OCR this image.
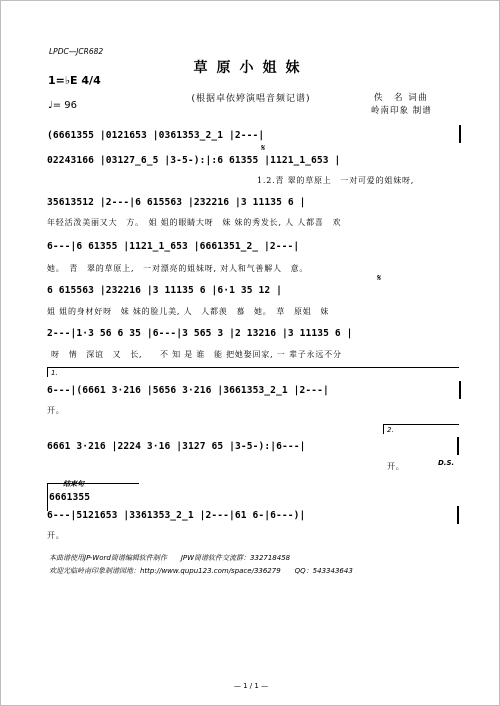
LPDC—JCR682
草原小姐妹
(根据卓依婷演唱音频记谱)
1=♭E 4/4
♩= 96
佚　名 词曲
岭南印象 制谱
(6661355 |0121653 |0361353̲2̲1 |2---|
02243166 |03127̲6̲5 |3-5-):|:6 61355 |1121̲1̲653 |
1.2.青 翠的草原上　一对可爱的姐妹呀,
𝄋
35613512 |2---|6 615563 |232216 |3 11135 6 |
年轻活泼美丽又大　方。　姐 姐的眼睛大呀　妹 妹的秀发长, 人 人都喜　欢
6---|6 61355 |1121̲1̲653 |6661351̲2̲ |2---|
她。　青　翠的草原上,　一对漂亮的姐妹呀, 对人和气善解人　意。
6 615563 |232216 |3 11135 6 |6·1 35 12 |
姐 姐的身材好呀　妹 妹的脸儿美, 人　人都羡　慕　她。　草　原姐　妹
𝄋
2---|1·3 56 6 35 |6---|3 565 3 |2 13216 |3 11135 6 |
呀　情　深谊　又　长,　　不 知 是 谁　能 把她娶回家, 一 辈子永远不分
1.
6---|(6661 3·216 |5656 3·216 |3661353̲2̲1 |2---|
开。
2.
6661 3·216 |2224 3·16 |3127 65 |3-5-):|6---|
开。	D.S.
结束句
6661355
6---|5121653 |3361353̲2̲1 |2---|61 6-|6---)|
开。
本曲谱使用JP-Word简谱编辑软件制作　　JPW简谱软件交流群：332718458
欢迎光临岭南印象制谱园地：http://www.qupu123.com/space/336279　　QQ：543343643
— 1 / 1 —
